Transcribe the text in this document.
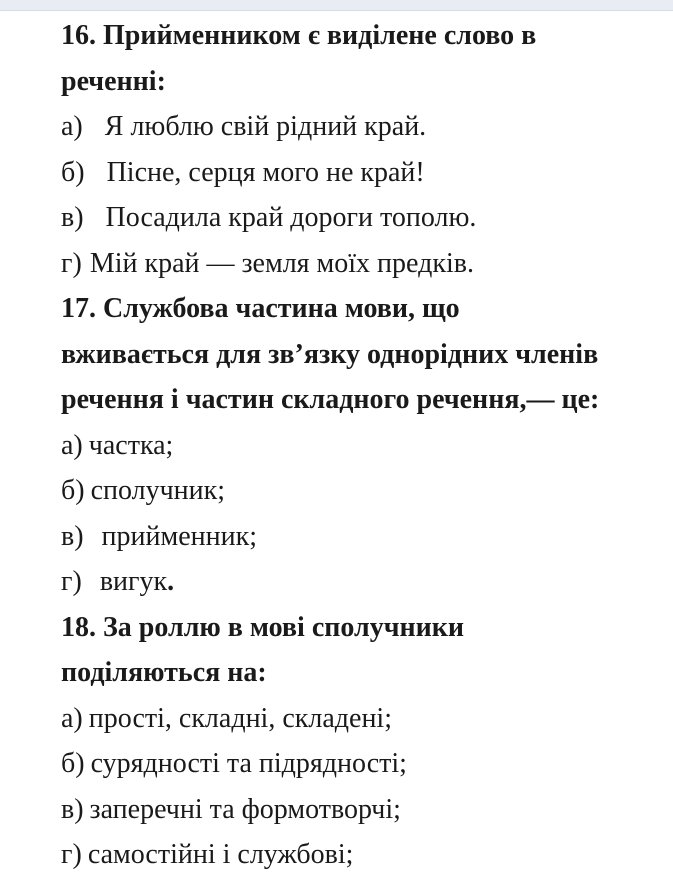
16. Прийменником є виділене слово в
реченні:
а) Я люблю свій рідний край.
б) Пісне, серця мого не край!
в) Посадила край дороги тополю.
г) Мій край — земля моїх предків.
17. Службова частина мови, що
вживається для зв’язку однорідних членів
речення і частин складного речення,— це:
а) частка;
б) сполучник;
в) прийменник;
г) вигук.
18. За роллю в мові сполучники
поділяються на:
а) прості, складні, складені;
б) сурядності та підрядності;
в) заперечні та формотворчі;
г) самостійні і службові;
